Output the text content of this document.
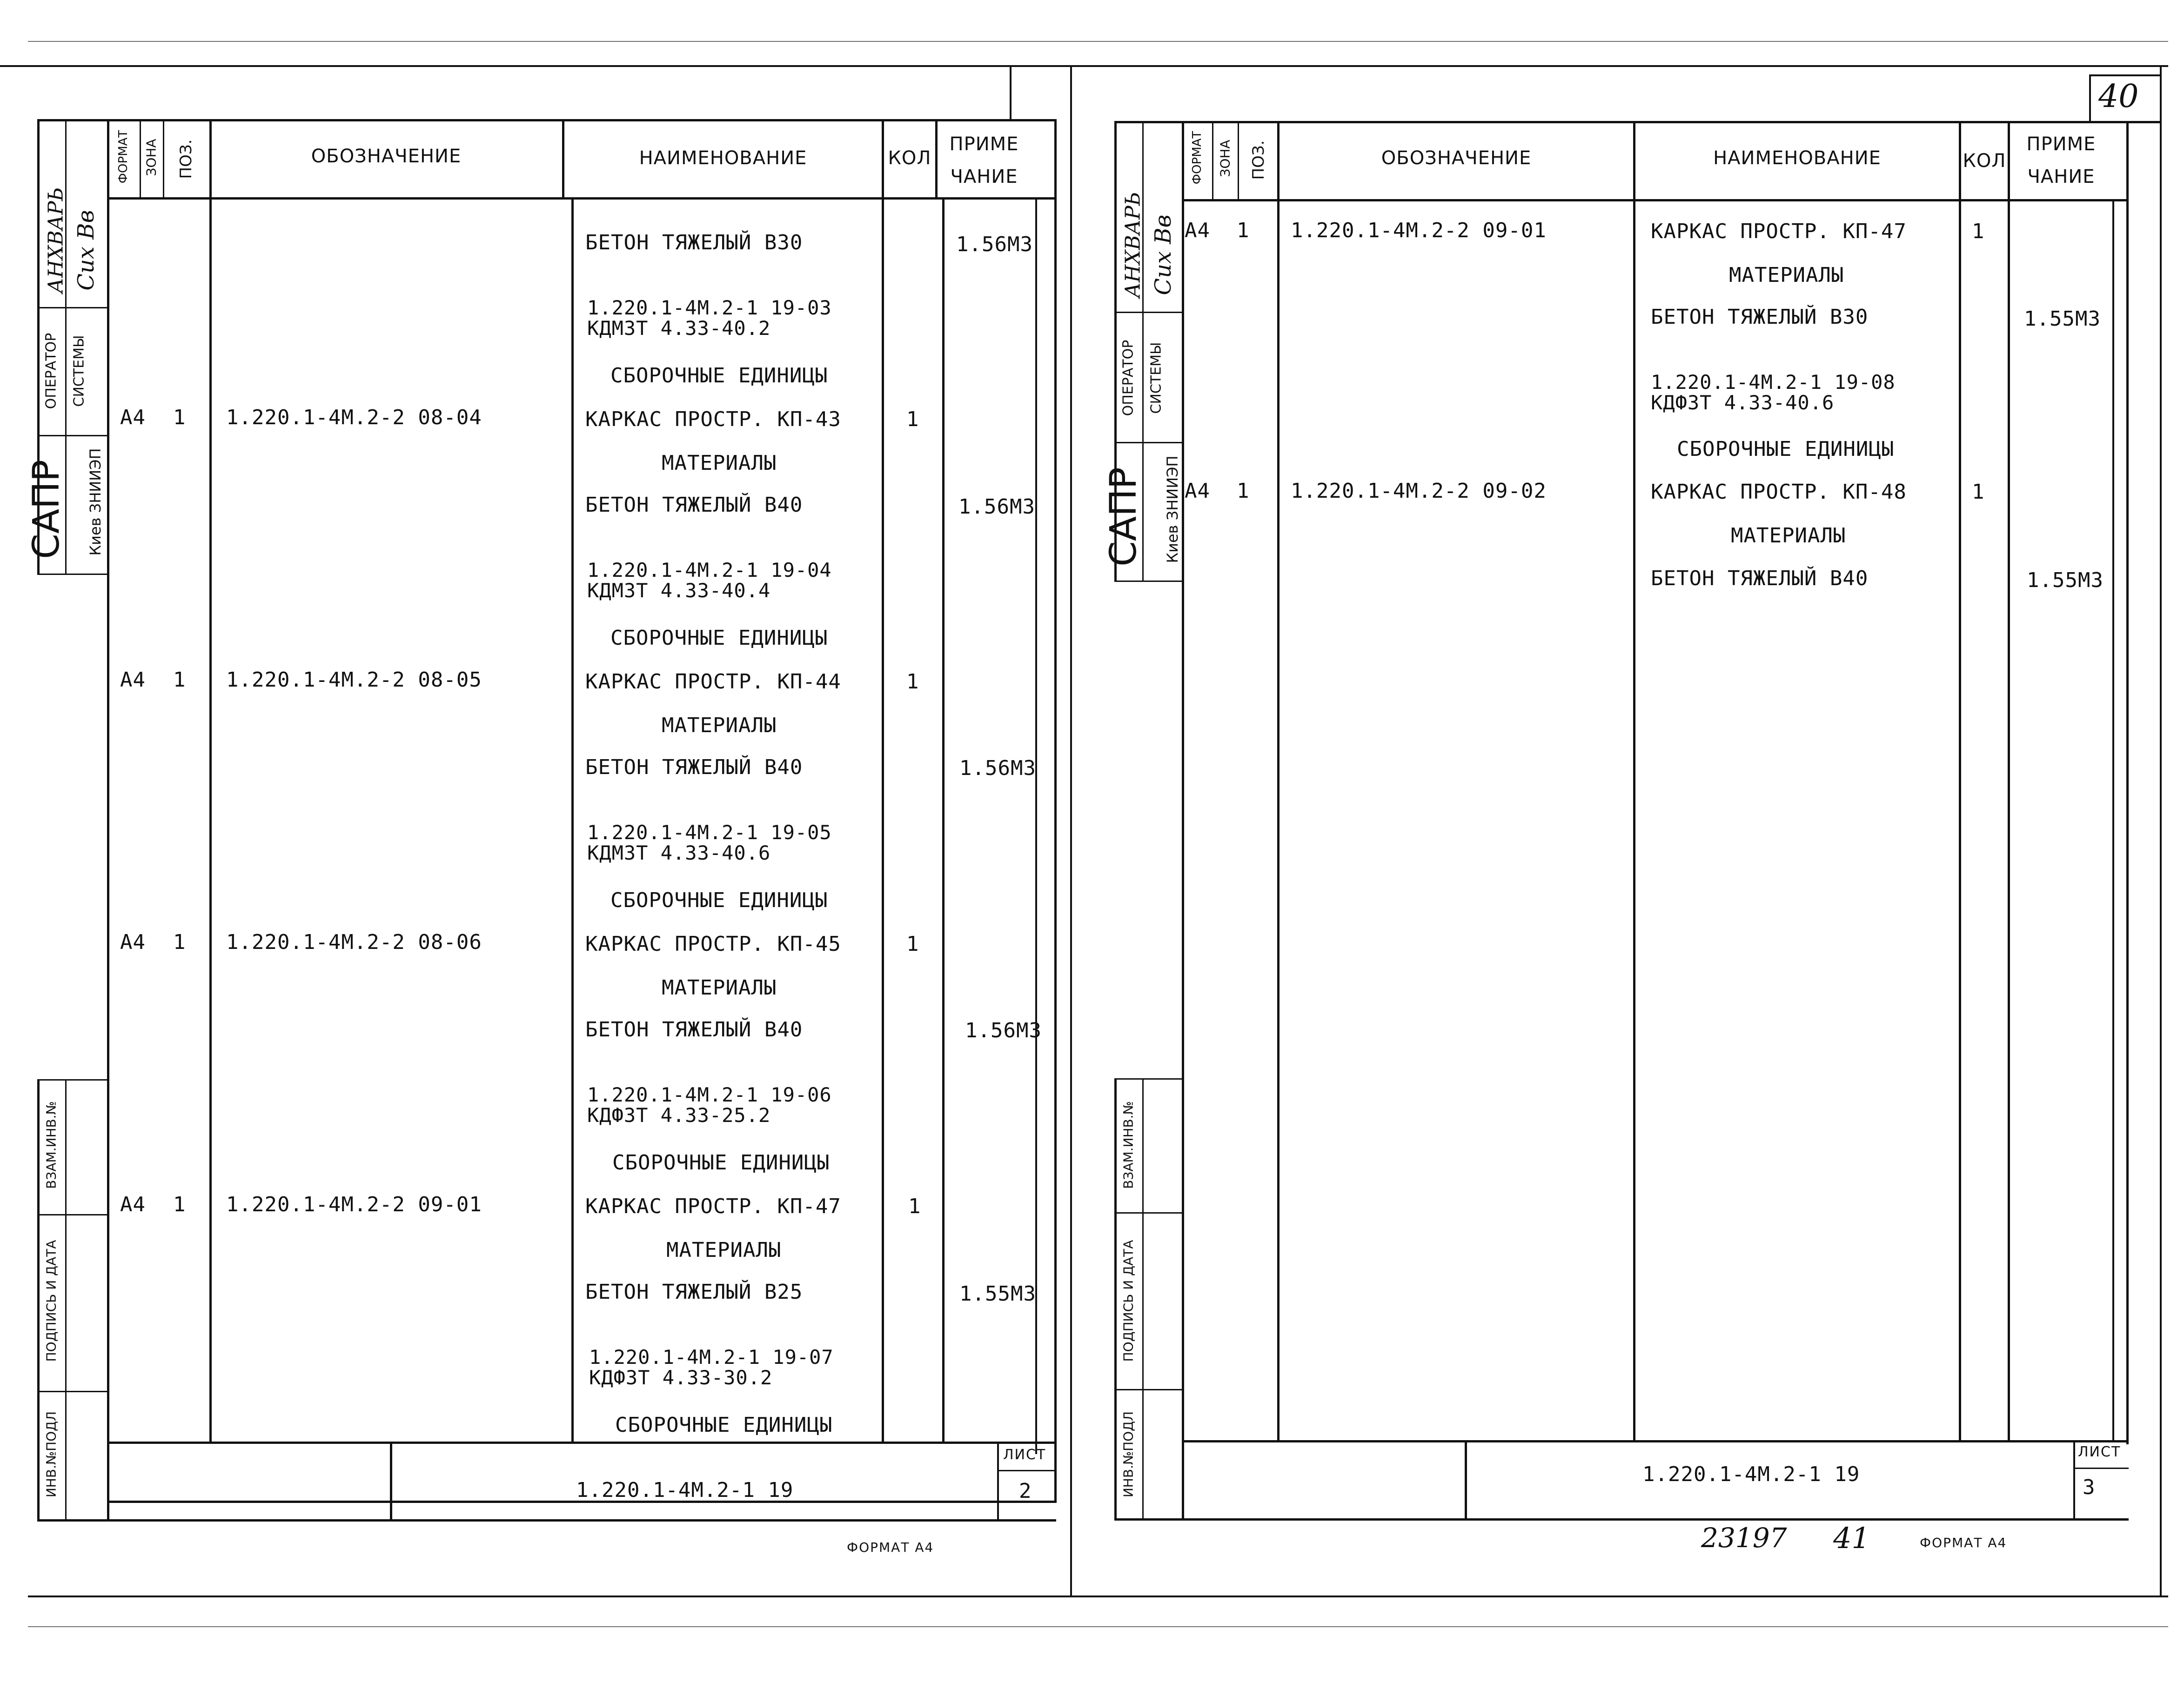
40
АНХВАРЬ Сих Вв
ОПЕРАТОР СИСТЕМЫ
САПР Киев ЗНИИЭП
ВЗАМ.ИНВ.№
ПОДПИСЬ И ДАТА
ИНВ.№ПОДЛ
ФОРМАТ ЗОНА ПОЗ.	ОБОЗНАЧЕНИЕ	НАИМЕНОВАНИЕ	КОЛ
ПРИМЕ
ЧАНИЕ
БЕТОН ТЯЖЕЛЫЙ В30	1.56М3
1.220.1-4М.2-1 19-03
КДМЗТ 4.33-40.2
СБОРОЧНЫЕ ЕДИНИЦЫ
А4 1 1.220.1-4М.2-2 08-04	КАРКАС ПРОСТР. КП-43	1
МАТЕРИАЛЫ
БЕТОН ТЯЖЕЛЫЙ В40	1.56М3
1.220.1-4М.2-1 19-04
КДМЗТ 4.33-40.4
СБОРОЧНЫЕ ЕДИНИЦЫ
А4 1 1.220.1-4М.2-2 08-05	КАРКАС ПРОСТР. КП-44	1
МАТЕРИАЛЫ
БЕТОН ТЯЖЕЛЫЙ В40	1.56М3
1.220.1-4М.2-1 19-05
КДМЗТ 4.33-40.6
СБОРОЧНЫЕ ЕДИНИЦЫ
А4 1 1.220.1-4М.2-2 08-06	КАРКАС ПРОСТР. КП-45	1
МАТЕРИАЛЫ
БЕТОН ТЯЖЕЛЫЙ В40	1.56М3
1.220.1-4М.2-1 19-06
КДФЗТ 4.33-25.2
СБОРОЧНЫЕ ЕДИНИЦЫ
А4 1 1.220.1-4М.2-2 09-01	КАРКАС ПРОСТР. КП-47	1
МАТЕРИАЛЫ
БЕТОН ТЯЖЕЛЫЙ В25	1.55М3
1.220.1-4М.2-1 19-07
КДФЗТ 4.33-30.2
СБОРОЧНЫЕ ЕДИНИЦЫ
1.220.1-4М.2-1 19
ЛИСТ
2
ФОРМАТ А4
АНХВАРЬ Сих Вв
ОПЕРАТОР СИСТЕМЫ
САПР Киев ЗНИИЭП
ВЗАМ.ИНВ.№
ПОДПИСЬ И ДАТА
ИНВ.№ПОДЛ
ФОРМАТ ЗОНА ПОЗ.	ОБОЗНАЧЕНИЕ	НАИМЕНОВАНИЕ	КОЛ
ПРИМЕ
ЧАНИЕ
А4 1 1.220.1-4М.2-2 09-01	КАРКАС ПРОСТР. КП-47	1
МАТЕРИАЛЫ
БЕТОН ТЯЖЕЛЫЙ В30	1.55М3
1.220.1-4М.2-1 19-08
КДФЗТ 4.33-40.6
СБОРОЧНЫЕ ЕДИНИЦЫ
А4 1 1.220.1-4М.2-2 09-02	КАРКАС ПРОСТР. КП-48	1
МАТЕРИАЛЫ
БЕТОН ТЯЖЕЛЫЙ В40	1.55М3
1.220.1-4М.2-1 19
ЛИСТ
3
23197 41	ФОРМАТ А4
